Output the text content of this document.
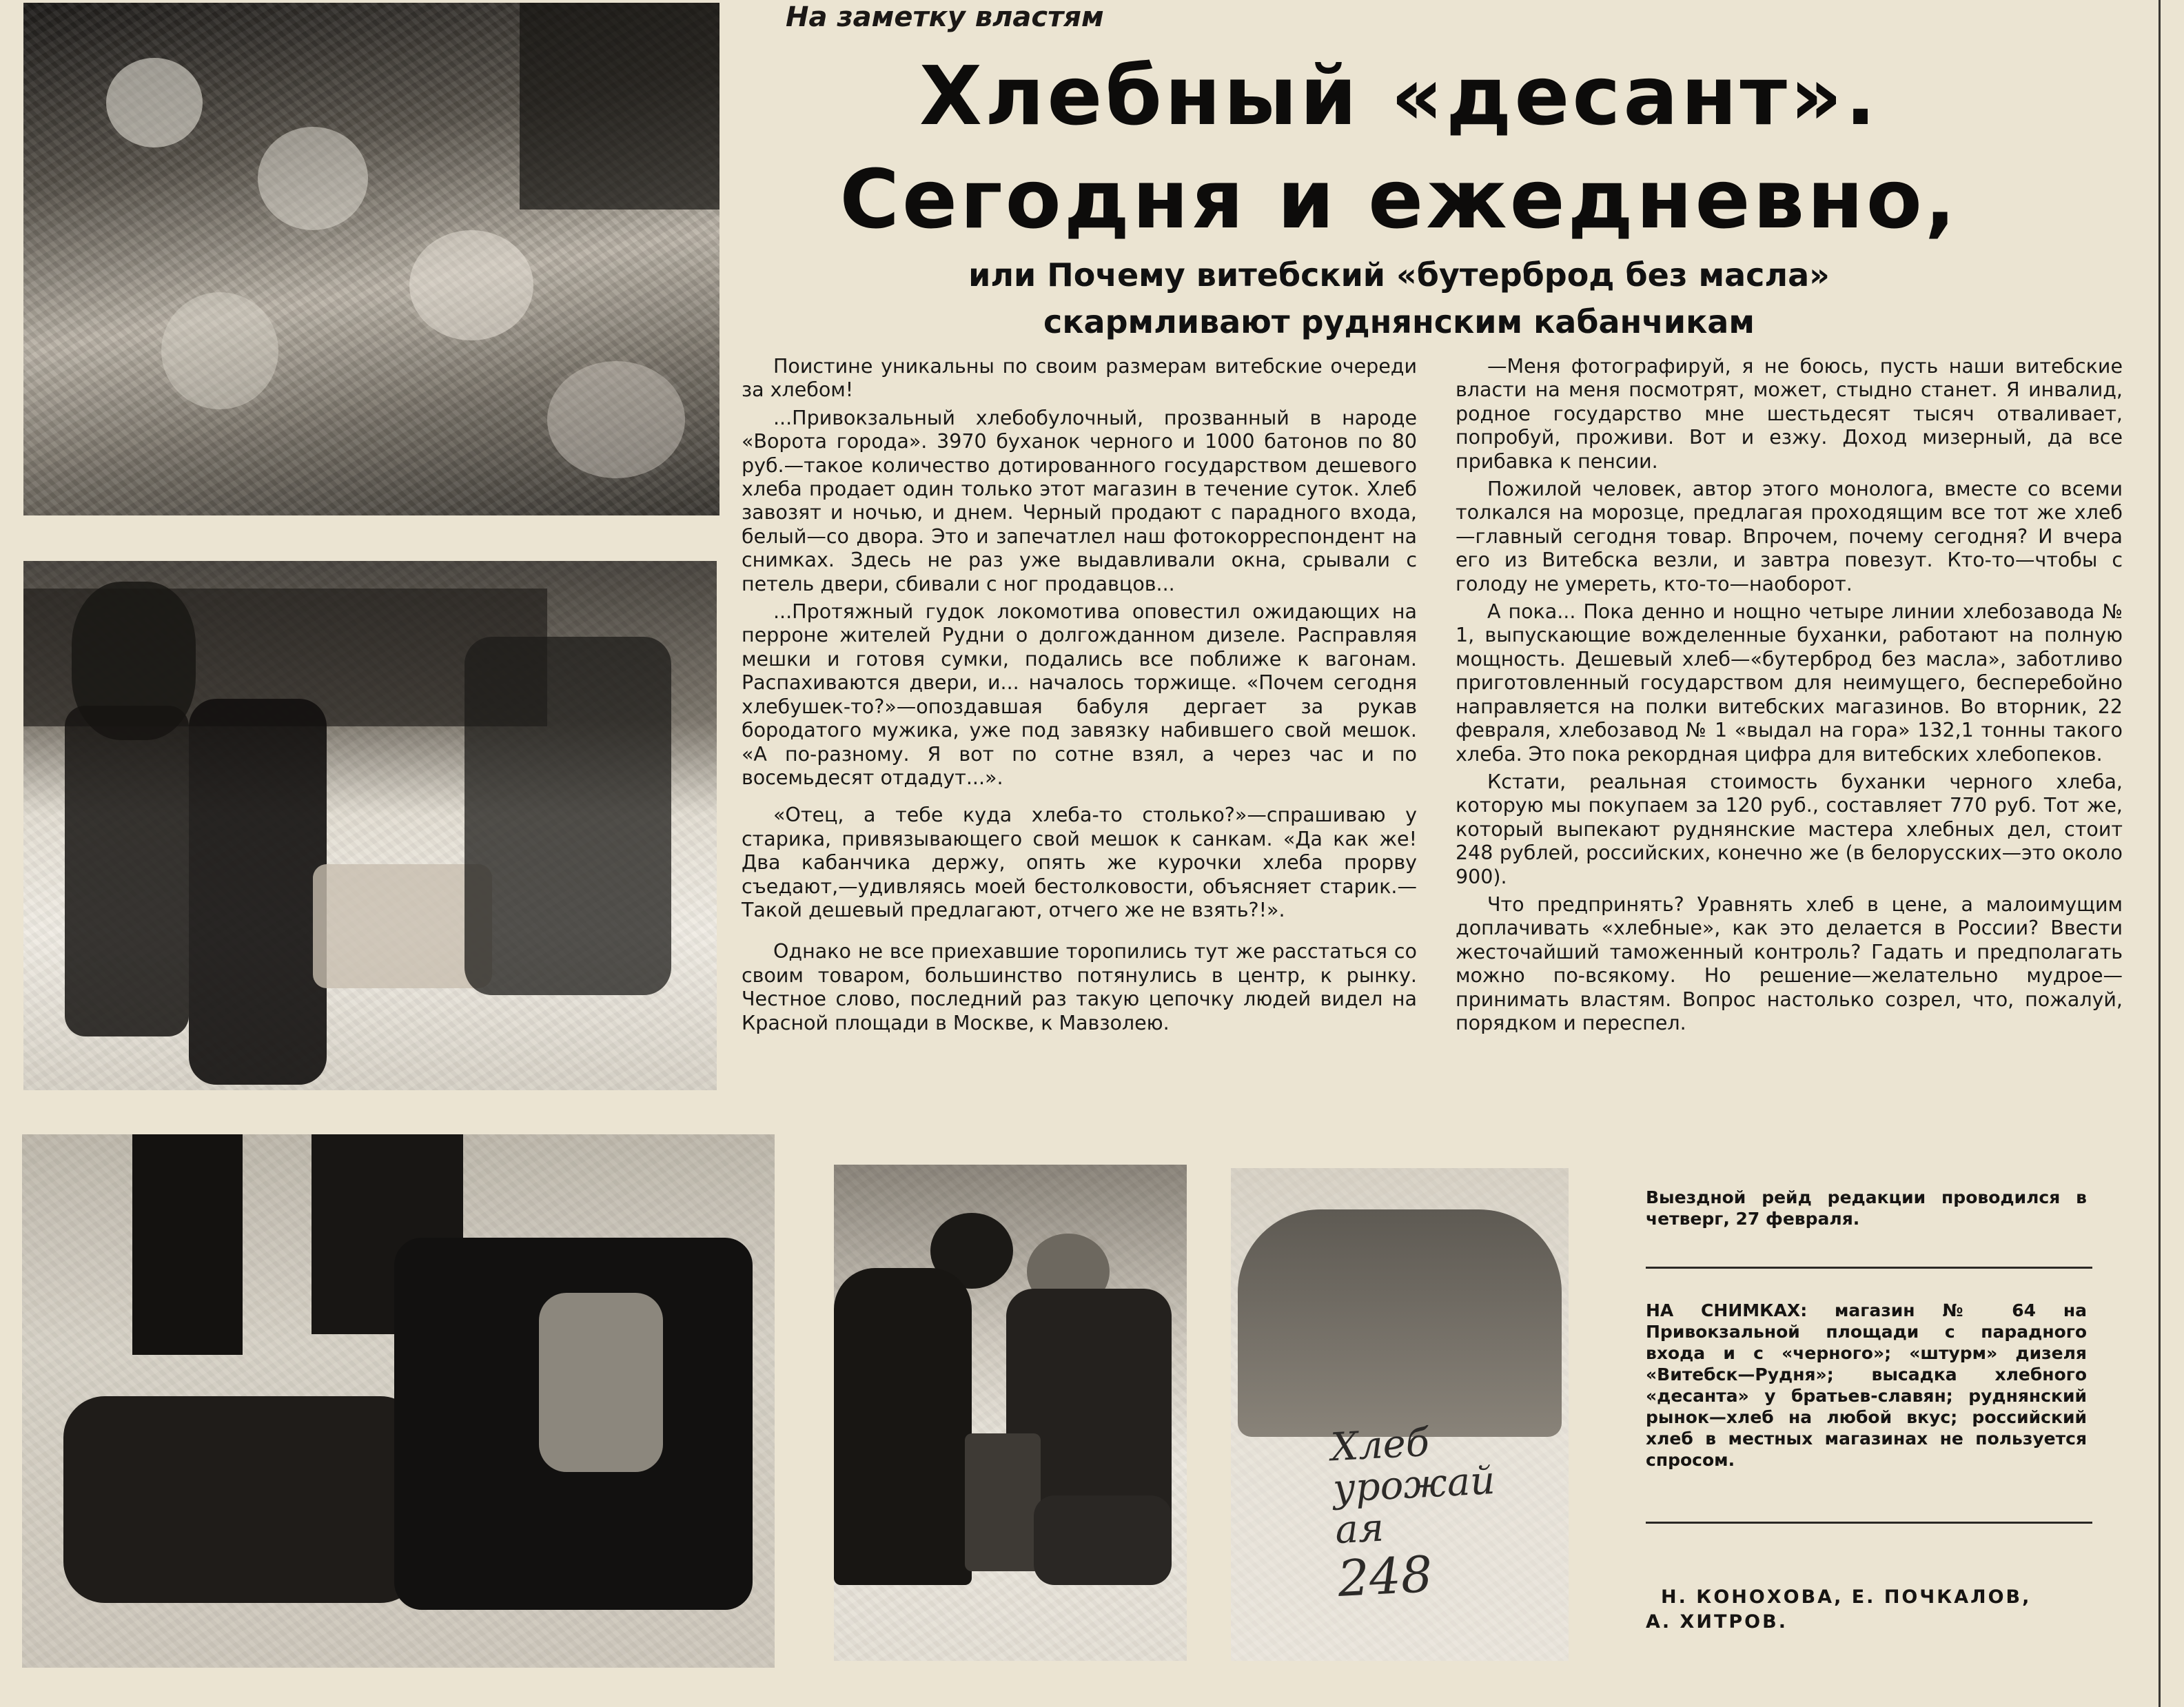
Хлеб
урожай
ая
248
На заметку властям
Хлебный «десант».
Сегодня и ежедневно,
или Почему витебский «бутерброд без масла»
скармливают руднянским кабанчикам

Поистине уникальны по своим размерам витебские очереди за хлебом!

...Привокзальный хлебобулочный, прозванный в народе «Ворота города». 3970 буханок черного и 1000 батонов по 80 руб.—такое количество дотированного государством дешевого хлеба продает один только этот магазин в течение суток. Хлеб завозят и ночью, и днем. Черный продают с парадного входа, белый—со двора. Это и запечатлел наш фотокорреспондент на снимках. Здесь не раз уже выдавливали окна, срывали с петель двери, сбивали с ног продавцов...

...Протяжный гудок локомотива оповестил ожидающих на перроне жителей Рудни о долгожданном дизеле. Расправляя мешки и готовя сумки, подались все поближе к вагонам. Распахиваются двери, и... началось торжище. «Почем сегодня хлебушек-то?»—опоздавшая бабуля дергает за рукав бородатого мужика, уже под завязку набившего свой мешок. «А по-разному. Я вот по сотне взял, а через час и по восемьдесят отдадут...».

«Отец, а тебе куда хлеба-то столько?»—спрашиваю у старика, привязывающего свой мешок к санкам. «Да как же! Два кабанчика держу, опять же курочки хлеба прорву съедают,—удивляясь моей бестолковости, объясняет старик.—Такой дешевый предлагают, отчего же не взять?!».

Однако не все приехавшие торопились тут же расстаться со своим товаром, большинство потянулись в центр, к рынку. Честное слово, последний раз такую цепочку людей видел на Красной площади в Москве, к Мавзолею.

—Меня фотографируй, я не боюсь, пусть наши витебские власти на меня посмотрят, может, стыдно станет. Я инвалид, родное государство мне шестьдесят тысяч отваливает, попробуй, проживи. Вот и езжу. Доход мизерный, да все прибавка к пенсии.

Пожилой человек, автор этого монолога, вместе со всеми толкался на морозце, предлагая проходящим все тот же хлеб—главный сегодня товар. Впрочем, почему сегодня? И вчера его из Витебска везли, и завтра повезут. Кто-то—чтобы с голоду не умереть, кто-то—наоборот.

А пока... Пока денно и нощно четыре линии хлебозавода № 1, выпускающие вожделенные буханки, работают на полную мощность. Дешевый хлеб—«бутерброд без масла», заботливо приготовленный государством для неимущего, бесперебойно направляется на полки витебских магазинов. Во вторник, 22 февраля, хлебозавод № 1 «выдал на гора» 132,1 тонны такого хлеба. Это пока рекордная цифра для витебских хлебопеков.

Кстати, реальная стоимость буханки черного хлеба, которую мы покупаем за 120 руб., составляет 770 руб. Тот же, который выпекают руднянские мастера хлебных дел, стоит 248 рублей, российских, конечно же (в белорусских—это около 900).

Что предпринять? Уравнять хлеб в цене, а малоимущим доплачивать «хлебные», как это делается в России? Ввести жесточайший таможенный контроль? Гадать и предполагать можно по-всякому. Но решение—желательно мудрое—принимать властям. Вопрос настолько созрел, что, пожалуй, порядком и переспел.

Выездной рейд редакции проводился в четверг, 27 февраля.
НА СНИМКАХ: магазин № 64 на Привокзальной площади с парадного входа и с «черного»; «штурм» дизеля «Витебск—Рудня»; высадка хлебного «десанта» у братьев-славян; руднянский рынок—хлеб на любой вкус; российский хлеб в местных магазинах не пользуется спросом.
Н. КОНОХОВА, Е. ПОЧКАЛОВ,
А. ХИТРОВ.
